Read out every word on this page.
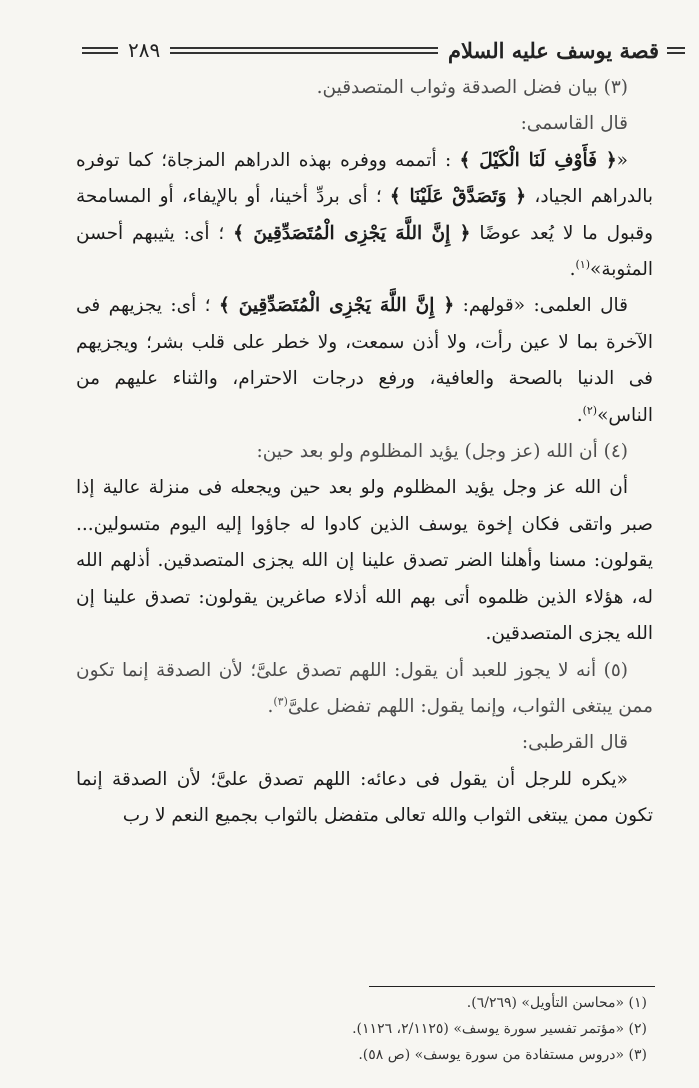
قصة يوسف عليه السلام
٢٨٩

(٣) بيان فضل الصدقة وثواب المتصدقين.

قال القاسمى:

«﴿ فَأَوْفِ لَنَا الْكَيْلَ ﴾ : أتممه ووفره بهذه الدراهم المزجاة؛ كما توفره بالدراهم الجياد، ﴿ وَتَصَدَّقْ عَلَيْنَا ﴾ ؛ أى بردِّ أخينا، أو بالإيفاء، أو المسامحة وقبول ما لا يُعد عوضًا ﴿ إِنَّ اللَّهَ يَجْزِى الْمُتَصَدِّقِينَ ﴾ ؛ أى: يثيبهم أحسن المثوبة»$^{(١)}$.

قال العلمى: «قولهم: ﴿ إِنَّ اللَّهَ يَجْزِى الْمُتَصَدِّقِينَ ﴾ ؛ أى: يجزيهم فى الآخرة بما لا عين رأت، ولا أذن سمعت، ولا خطر على قلب بشر؛ ويجزيهم فى الدنيا بالصحة والعافية، ورفع درجات الاحترام، والثناء عليهم من الناس»$^{(٢)}$.

(٤) أن الله (عز وجل) يؤيد المظلوم ولو بعد حين:

أن الله عز وجل يؤيد المظلوم ولو بعد حين ويجعله فى منزلة عالية إذا صبر واتقى فكان إخوة يوسف الذين كادوا له جاؤوا إليه اليوم متسولين... يقولون: مسنا وأهلنا الضر تصدق علينا إن الله يجزى المتصدقين. أذلهم الله له، هؤلاء الذين ظلموه أتى بهم الله أذلاء صاغرين يقولون: تصدق علينا إن الله يجزى المتصدقين.

(٥) أنه لا يجوز للعبد أن يقول: اللهم تصدق علىَّ؛ لأن الصدقة إنما تكون ممن يبتغى الثواب، وإنما يقول: اللهم تفضل علىَّ$^{(٣)}$.

قال القرطبى:

«يكره للرجل أن يقول فى دعائه: اللهم تصدق علىَّ؛ لأن الصدقة إنما تكون ممن يبتغى الثواب والله تعالى متفضل بالثواب بجميع النعم لا رب

(١) «محاسن التأويل» (٦/٢٦٩).

(٢) «مؤتمر تفسير سورة يوسف» (٢/١١٢٥، ١١٢٦).

(٣) «دروس مستفادة من سورة يوسف» (ص ٥٨).
